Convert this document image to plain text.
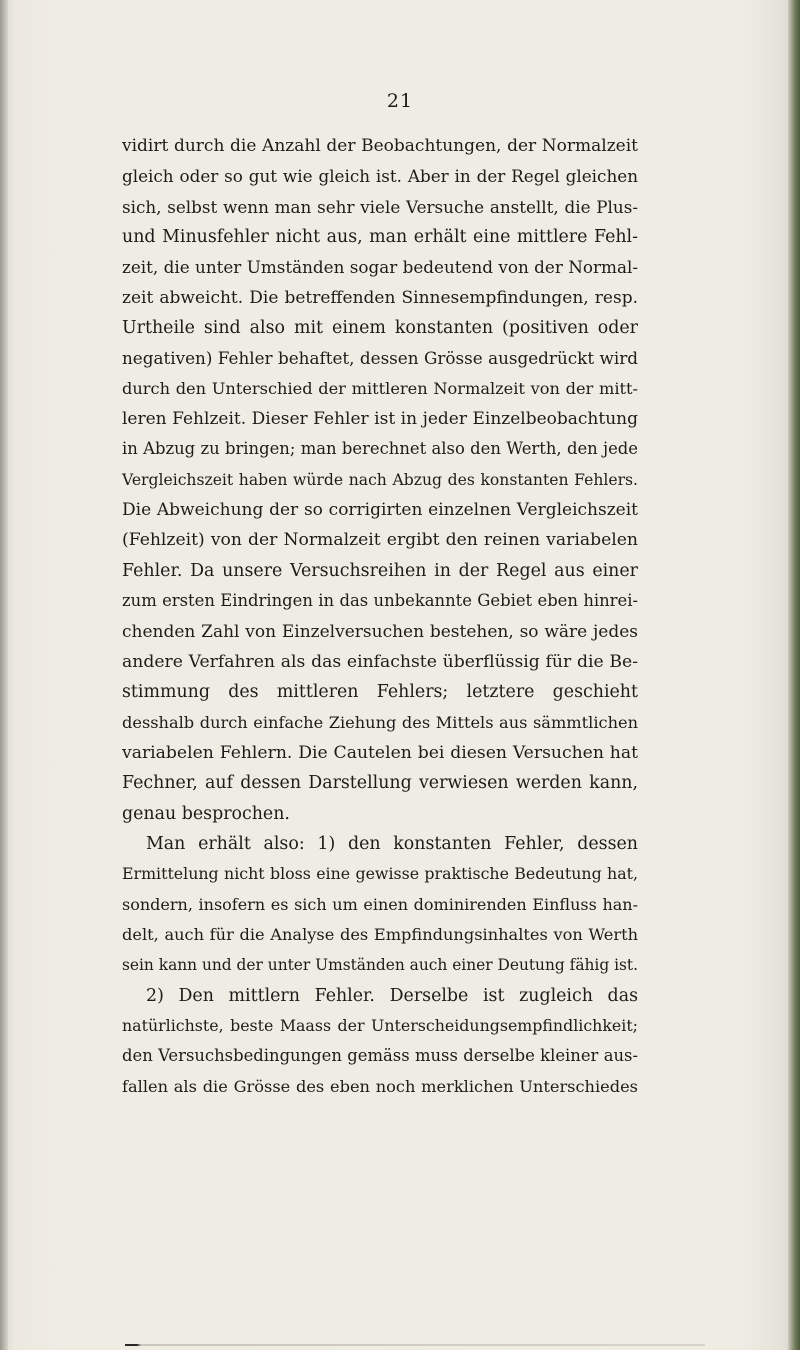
21
vidirt durch die Anzahl der Beobachtungen, der Normalzeit
gleich oder so gut wie gleich ist. Aber in der Regel gleichen
sich, selbst wenn man sehr viele Versuche anstellt, die Plus-
und Minusfehler nicht aus, man erhält eine mittlere Fehl-
zeit, die unter Umständen sogar bedeutend von der Normal-
zeit abweicht. Die betreffenden Sinnesempfindungen, resp.
Urtheile sind also mit einem konstanten (positiven oder
negativen) Fehler behaftet, dessen Grösse ausgedrückt wird
durch den Unterschied der mittleren Normalzeit von der mitt-
leren Fehlzeit. Dieser Fehler ist in jeder Einzelbeobachtung
in Abzug zu bringen; man berechnet also den Werth, den jede
Vergleichszeit haben würde nach Abzug des konstanten Fehlers.
Die Abweichung der so corrigirten einzelnen Vergleichszeit
(Fehlzeit) von der Normalzeit ergibt den reinen variabelen
Fehler. Da unsere Versuchsreihen in der Regel aus einer
zum ersten Eindringen in das unbekannte Gebiet eben hinrei-
chenden Zahl von Einzelversuchen bestehen, so wäre jedes
andere Verfahren als das einfachste überflüssig für die Be-
stimmung des mittleren Fehlers; letztere geschieht
desshalb durch einfache Ziehung des Mittels aus sämmtlichen
variabelen Fehlern. Die Cautelen bei diesen Versuchen hat
Fechner, auf dessen Darstellung verwiesen werden kann,
genau besprochen.
Man erhält also: 1) den konstanten Fehler, dessen
Ermittelung nicht bloss eine gewisse praktische Bedeutung hat,
sondern, insofern es sich um einen dominirenden Einfluss han-
delt, auch für die Analyse des Empfindungsinhaltes von Werth
sein kann und der unter Umständen auch einer Deutung fähig ist.
2) Den mittlern Fehler. Derselbe ist zugleich das
natürlichste, beste Maass der Unterscheidungsempfindlichkeit;
den Versuchsbedingungen gemäss muss derselbe kleiner aus-
fallen als die Grösse des eben noch merklichen Unterschiedes
